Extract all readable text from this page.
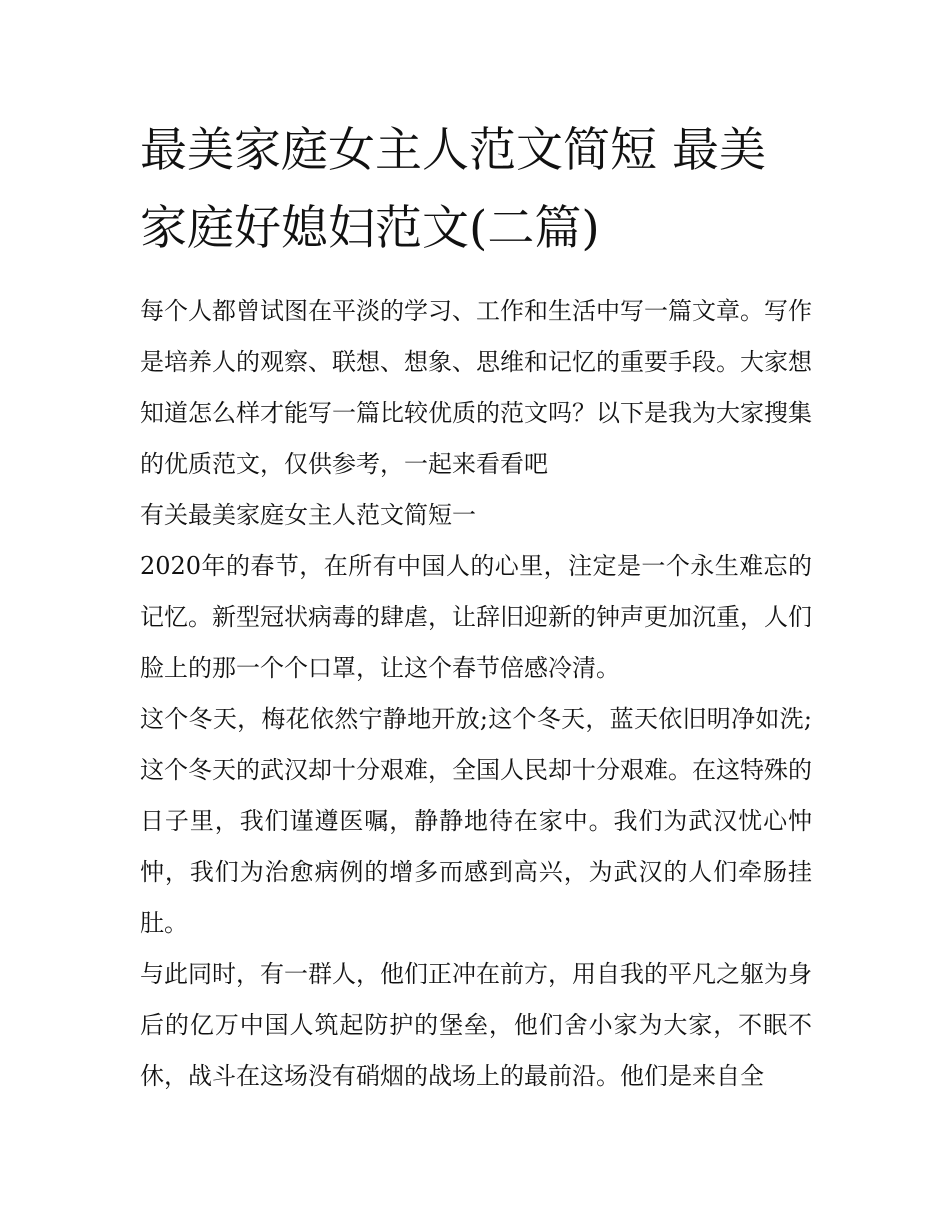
最美家庭女主人范文简短 最美家庭好媳妇范文(二篇)

每个人都曾试图在平淡的学习、工作和生活中写一篇文章。写作是培养人的观察、联想、想象、思维和记忆的重要手段。大家想知道怎么样才能写一篇比较优质的范文吗？以下是我为大家搜集的优质范文，仅供参考，一起来看看吧

有关最美家庭女主人范文简短一

2020年的春节，在所有中国人的心里，注定是一个永生难忘的记忆。新型冠状病毒的肆虐，让辞旧迎新的钟声更加沉重，人们脸上的那一个个口罩，让这个春节倍感冷清。

这个冬天，梅花依然宁静地开放;这个冬天，蓝天依旧明净如洗;这个冬天的武汉却十分艰难，全国人民却十分艰难。在这特殊的日子里，我们谨遵医嘱，静静地待在家中。我们为武汉忧心忡忡，我们为治愈病例的增多而感到高兴，为武汉的人们牵肠挂肚。

与此同时，有一群人，他们正冲在前方，用自我的平凡之躯为身后的亿万中国人筑起防护的堡垒，他们舍小家为大家，不眠不休，战斗在这场没有硝烟的战场上的最前沿。他们是来自全
